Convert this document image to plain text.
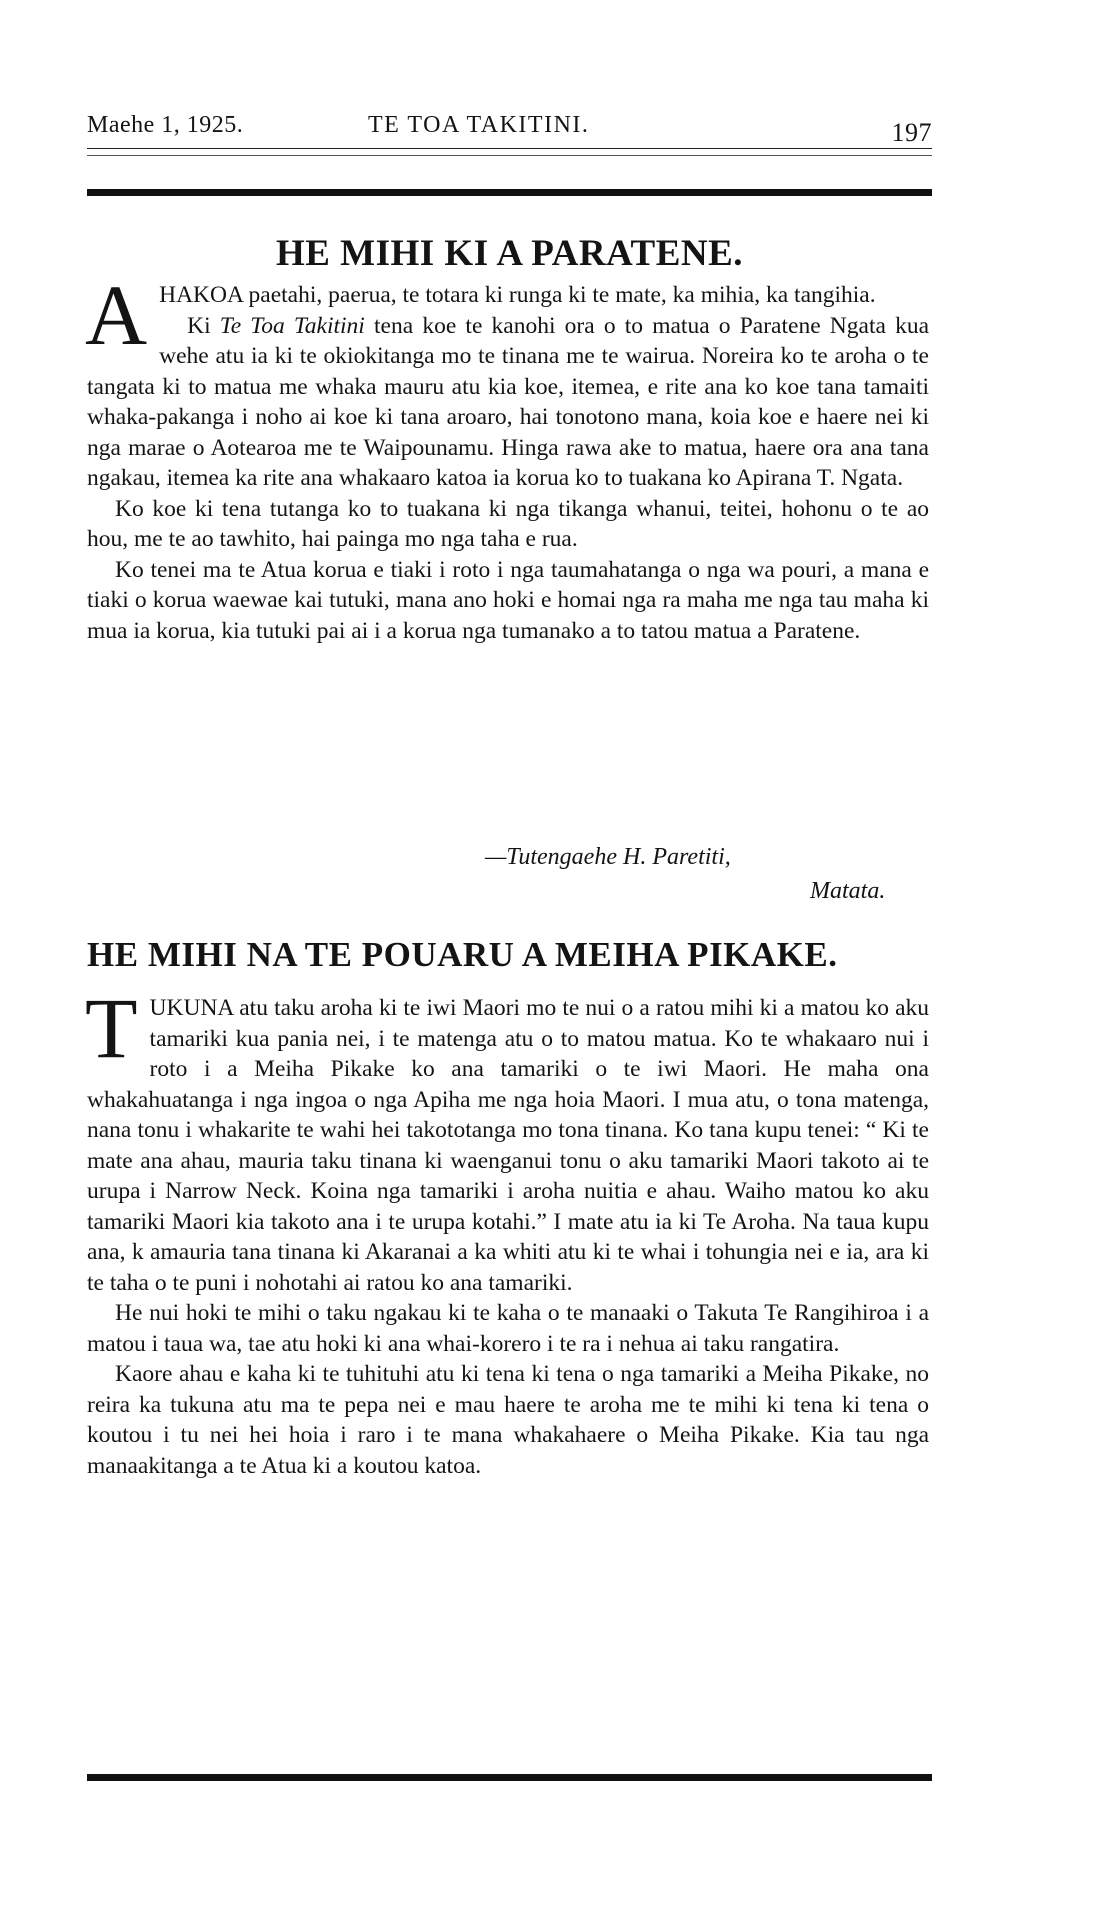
Maehe 1, 1925.	TE TOA TAKITINI.	197
HE MIHI KI A PARATENE.

AHAKOA paetahi, paerua, te totara ki runga ki te mate, ka mihia, ka tangihia.

Ki Te Toa Takitini tena koe te kanohi ora o to matua o Paratene Ngata kua wehe atu ia ki te okiokitanga mo te tinana me te wairua. Noreira ko te aroha o te tangata ki to matua me whaka mauru atu kia koe, itemea, e rite ana ko koe tana tamaiti whaka-pakanga i noho ai koe ki tana aroaro, hai tonotono mana, koia koe e haere nei ki nga marae o Aotearoa me te Waipounamu. Hinga rawa ake to matua, haere ora ana tana ngakau, itemea ka rite ana whakaaro katoa ia korua ko to tuakana ko Apirana T. Ngata.

Ko koe ki tena tutanga ko to tuakana ki nga tikanga whanui, teitei, hohonu o te ao hou, me te ao tawhito, hai painga mo nga taha e rua.

Ko tenei ma te Atua korua e tiaki i roto i nga taumahatanga o nga wa pouri, a mana e tiaki o korua waewae kai tutuki, mana ano hoki e homai nga ra maha me nga tau maha ki mua ia korua, kia tutuki pai ai i a korua nga tumanako a to tatou matua a Paratene.

—Tutengaehe H. Paretiti,
Matata.
HE MIHI NA TE POUARU A MEIHA PIKAKE.

TUKUNA atu taku aroha ki te iwi Maori mo te nui o a ratou mihi ki a matou ko aku tamariki kua pania nei, i te matenga atu o to matou matua. Ko te whakaaro nui i roto i a Meiha Pikake ko ana tamariki o te iwi Maori. He maha ona whakahuatanga i nga ingoa o nga Apiha me nga hoia Maori. I mua atu, o tona matenga, nana tonu i whakarite te wahi hei takototanga mo tona tinana. Ko tana kupu tenei: “ Ki te mate ana ahau, mauria taku tinana ki waenganui tonu o aku tamariki Maori takoto ai te urupa i Narrow Neck. Koina nga tamariki i aroha nuitia e ahau. Waiho matou ko aku tamariki Maori kia takoto ana i te urupa kotahi.” I mate atu ia ki Te Aroha. Na taua kupu ana, k amauria tana tinana ki Akaranai a ka whiti atu ki te whai i tohungia nei e ia, ara ki te taha o te puni i nohotahi ai ratou ko ana tamariki.

He nui hoki te mihi o taku ngakau ki te kaha o te manaaki o Takuta Te Rangihiroa i a matou i taua wa, tae atu hoki ki ana whai-korero i te ra i nehua ai taku rangatira.

Kaore ahau e kaha ki te tuhituhi atu ki tena ki tena o nga tamariki a Meiha Pikake, no reira ka tukuna atu ma te pepa nei e mau haere te aroha me te mihi ki tena ki tena o koutou i tu nei hei hoia i raro i te mana whakahaere o Meiha Pikake. Kia tau nga manaakitanga a te Atua ki a koutou katoa.
